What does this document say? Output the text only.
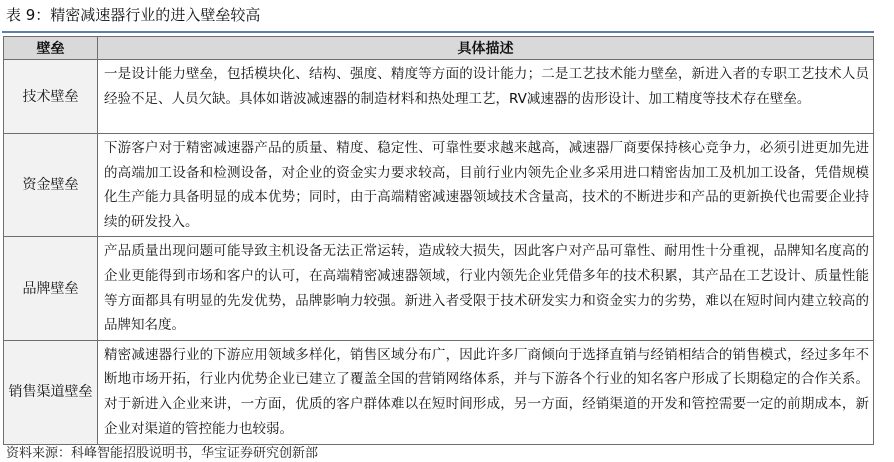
表 9：精密减速器行业的进入壁垒较高
壁垒	具体描述
技术壁垒	一是设计能力壁垒，包括模块化、结构、强度、精度等方面的设计能力；二是工艺技术能力壁垒，新进入者的专职工艺技术人员经验不足、人员欠缺。具体如谐波减速器的制造材料和热处理工艺，RV减速器的齿形设计、加工精度等技术存在壁垒。
资金壁垒	下游客户对于精密减速器产品的质量、精度、稳定性、可靠性要求越来越高，减速器厂商要保持核心竞争力，必须引进更加先进的高端加工设备和检测设备，对企业的资金实力要求较高，目前行业内领先企业多采用进口精密齿加工及机加工设备，凭借规模化生产能力具备明显的成本优势；同时，由于高端精密减速器领域技术含量高，技术的不断进步和产品的更新换代也需要企业持续的研发投入。
品牌壁垒	产品质量出现问题可能导致主机设备无法正常运转，造成较大损失，因此客户对产品可靠性、耐用性十分重视，品牌知名度高的企业更能得到市场和客户的认可，在高端精密减速器领域，行业内领先企业凭借多年的技术积累，其产品在工艺设计、质量性能等方面都具有明显的先发优势，品牌影响力较强。新进入者受限于技术研发实力和资金实力的劣势，难以在短时间内建立较高的品牌知名度。
销售渠道壁垒	精密减速器行业的下游应用领域多样化，销售区域分布广，因此许多厂商倾向于选择直销与经销相结合的销售模式，经过多年不断地市场开拓，行业内优势企业已建立了覆盖全国的营销网络体系，并与下游各个行业的知名客户形成了长期稳定的合作关系。对于新进入企业来讲，一方面，优质的客户群体难以在短时间形成，另一方面，经销渠道的开发和管控需要一定的前期成本，新企业对渠道的管控能力也较弱。
资料来源：科峰智能招股说明书，华宝证券研究创新部
